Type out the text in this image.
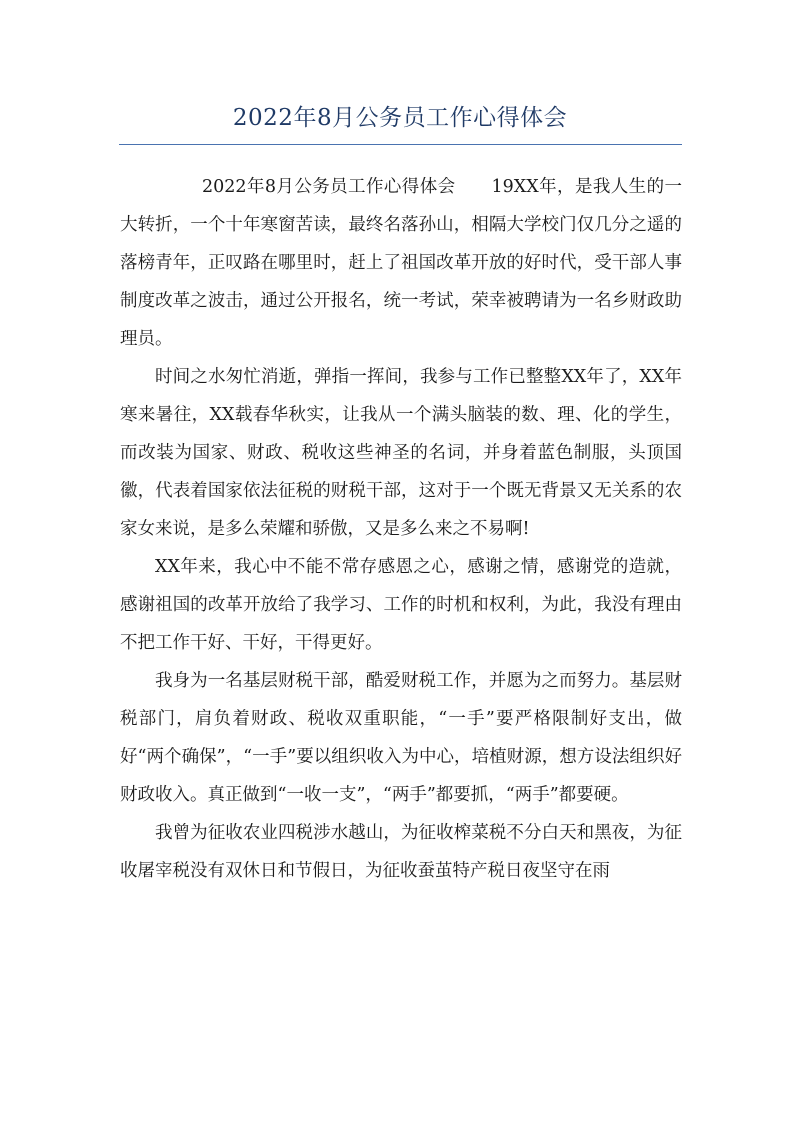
2022年8月公务员工作心得体会

2022年8月公务员工作心得体会 19XX年，是我人生的一大转折，一个十年寒窗苦读，最终名落孙山，相隔大学校门仅几分之遥的落榜青年，正叹路在哪里时，赶上了祖国改革开放的好时代，受干部人事制度改革之波击，通过公开报名，统一考试，荣幸被聘请为一名乡财政助理员。

时间之水匆忙消逝，弹指一挥间，我参与工作已整整XX年了，XX年寒来暑往，XX载春华秋实，让我从一个满头脑装的数、理、化的学生，而改装为国家、财政、税收这些神圣的名词，并身着蓝色制服，头顶国徽，代表着国家依法征税的财税干部，这对于一个既无背景又无关系的农家女来说，是多么荣耀和骄傲，又是多么来之不易啊!

XX年来，我心中不能不常存感恩之心，感谢之情，感谢党的造就，感谢祖国的改革开放给了我学习、工作的时机和权利，为此，我没有理由不把工作干好、干好，干得更好。

我身为一名基层财税干部，酷爱财税工作，并愿为之而努力。基层财税部门，肩负着财政、税收双重职能，“一手”要严格限制好支出，做好“两个确保”，“一手”要以组织收入为中心，培植财源，想方设法组织好财政收入。真正做到“一收一支”，“两手”都要抓，“两手”都要硬。

我曾为征收农业四税涉水越山，为征收榨菜税不分白天和黑夜，为征收屠宰税没有双休日和节假日，为征收蚕茧特产税日夜坚守在雨
